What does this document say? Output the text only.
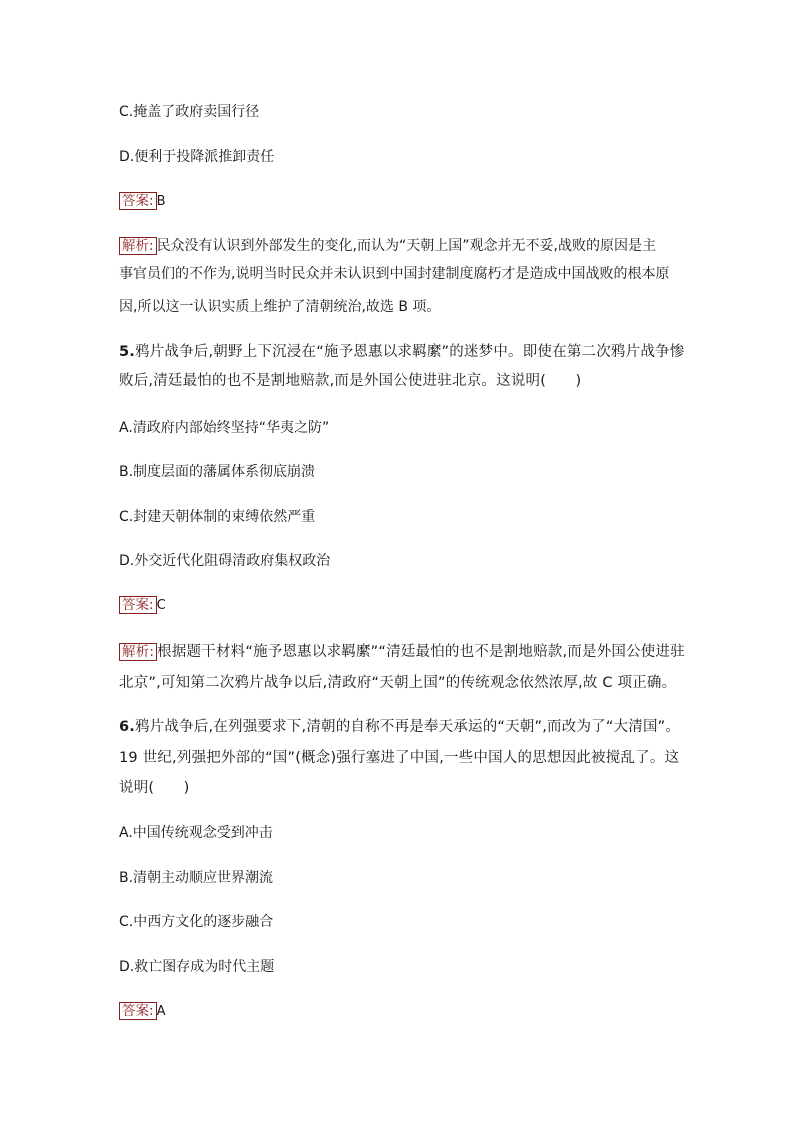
C.掩盖了政府卖国行径
D.便利于投降派推卸责任
答案: B
解析: 民众没有认识到外部发生的变化,而认为“天朝上国”观念并无不妥,战败的原因是主
事官员们的不作为,说明当时民众并未认识到中国封建制度腐朽才是造成中国战败的根本原
因,所以这一认识实质上维护了清朝统治,故选 B 项。
5.鸦片战争后,朝野上下沉浸在“施予恩惠以求羁縻”的迷梦中。即使在第二次鸦片战争惨
败后,清廷最怕的也不是割地赔款,而是外国公使进驻北京。这说明(　　)
A.清政府内部始终坚持“华夷之防”
B.制度层面的藩属体系彻底崩溃
C.封建天朝体制的束缚依然严重
D.外交近代化阻碍清政府集权政治
答案: C
解析: 根据题干材料“施予恩惠以求羁縻”“清廷最怕的也不是割地赔款,而是外国公使进驻
北京”,可知第二次鸦片战争以后,清政府“天朝上国”的传统观念依然浓厚,故 C 项正确。
6.鸦片战争后,在列强要求下,清朝的自称不再是奉天承运的“天朝”,而改为了“大清国”。
19 世纪,列强把外部的“国”(概念)强行塞进了中国,一些中国人的思想因此被搅乱了。这
说明(　　)
A.中国传统观念受到冲击
B.清朝主动顺应世界潮流
C.中西方文化的逐步融合
D.救亡图存成为时代主题
答案: A
